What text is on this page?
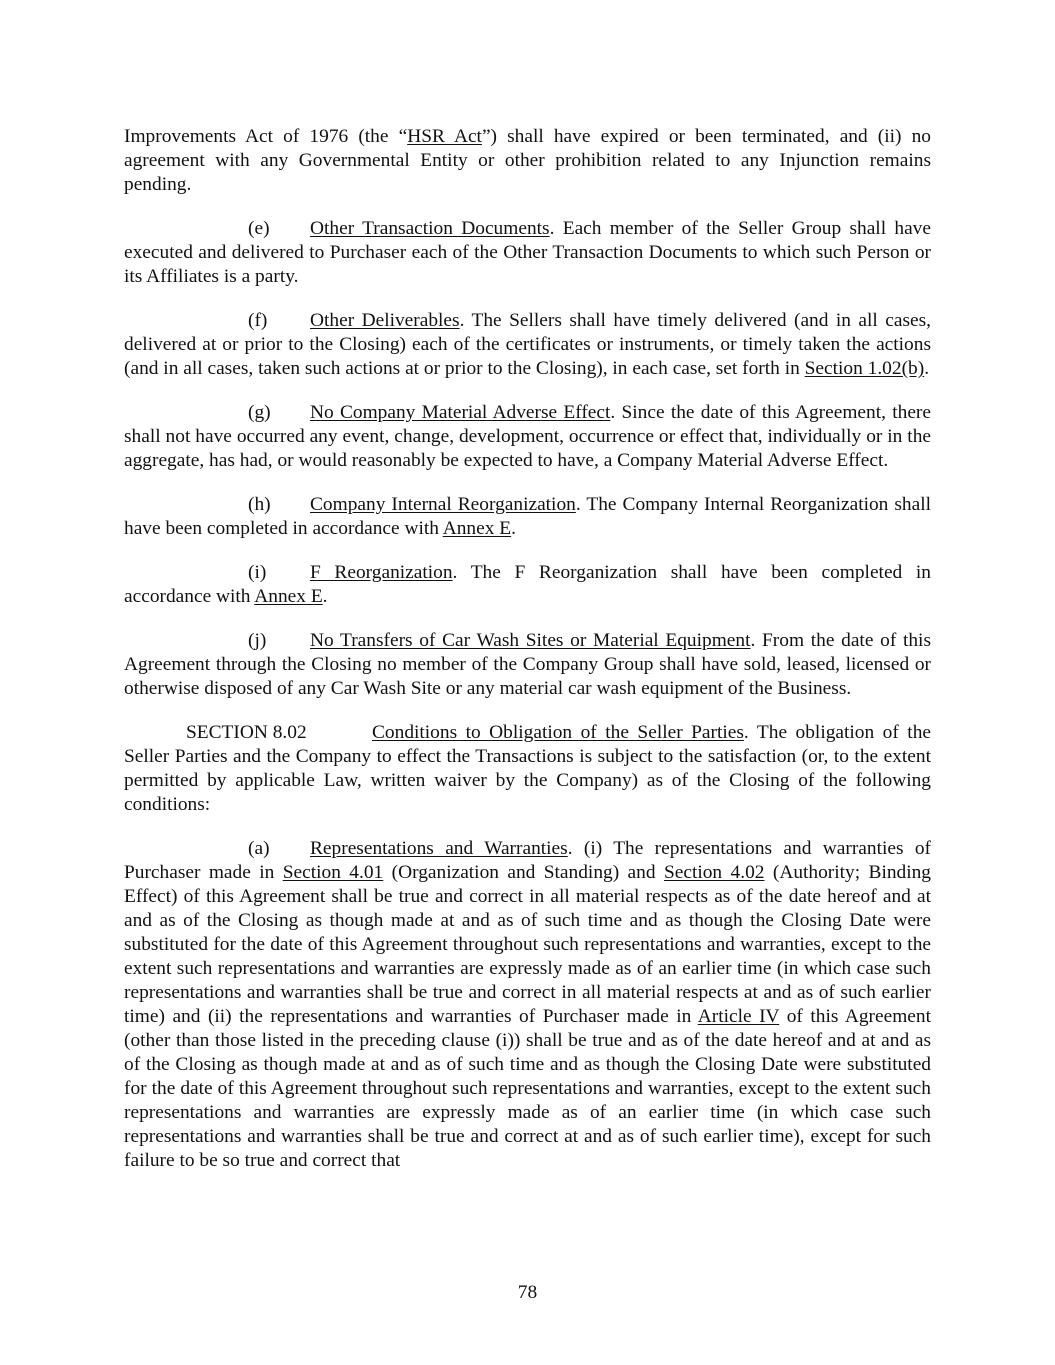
Improvements Act of 1976 (the “HSR Act”) shall have expired or been terminated, and (ii) no agreement with any Governmental Entity or other prohibition related to any Injunction remains pending.

(e) Other Transaction Documents. Each member of the Seller Group shall have executed and delivered to Purchaser each of the Other Transaction Documents to which such Person or its Affiliates is a party.

(f) Other Deliverables. The Sellers shall have timely delivered (and in all cases, delivered at or prior to the Closing) each of the certificates or instruments, or timely taken the actions (and in all cases, taken such actions at or prior to the Closing), in each case, set forth in Section 1.02(b).

(g) No Company Material Adverse Effect. Since the date of this Agreement, there shall not have occurred any event, change, development, occurrence or effect that, individually or in the aggregate, has had, or would reasonably be expected to have, a Company Material Adverse Effect.

(h) Company Internal Reorganization. The Company Internal Reorganization shall have been completed in accordance with Annex E.

(i) F Reorganization. The F Reorganization shall have been completed in accordance with Annex E.

(j) No Transfers of Car Wash Sites or Material Equipment. From the date of this Agreement through the Closing no member of the Company Group shall have sold, leased, licensed or otherwise disposed of any Car Wash Site or any material car wash equipment of the Business.

SECTION 8.02	Conditions to Obligation of the Seller Parties. The obligation of the Seller Parties and the Company to effect the Transactions is subject to the satisfaction (or, to the extent permitted by applicable Law, written waiver by the Company) as of the Closing of the following conditions:

(a) Representations and Warranties. (i) The representations and warranties of Purchaser made in Section 4.01 (Organization and Standing) and Section 4.02 (Authority; Binding Effect) of this Agreement shall be true and correct in all material respects as of the date hereof and at and as of the Closing as though made at and as of such time and as though the Closing Date were substituted for the date of this Agreement throughout such representations and warranties, except to the extent such representations and warranties are expressly made as of an earlier time (in which case such representations and warranties shall be true and correct in all material respects at and as of such earlier time) and (ii) the representations and warranties of Purchaser made in Article IV of this Agreement (other than those listed in the preceding clause (i)) shall be true and as of the date hereof and at and as of the Closing as though made at and as of such time and as though the Closing Date were substituted for the date of this Agreement throughout such representations and warranties, except to the extent such representations and warranties are expressly made as of an earlier time (in which case such representations and warranties shall be true and correct at and as of such earlier time), except for such failure to be so true and correct that

78
